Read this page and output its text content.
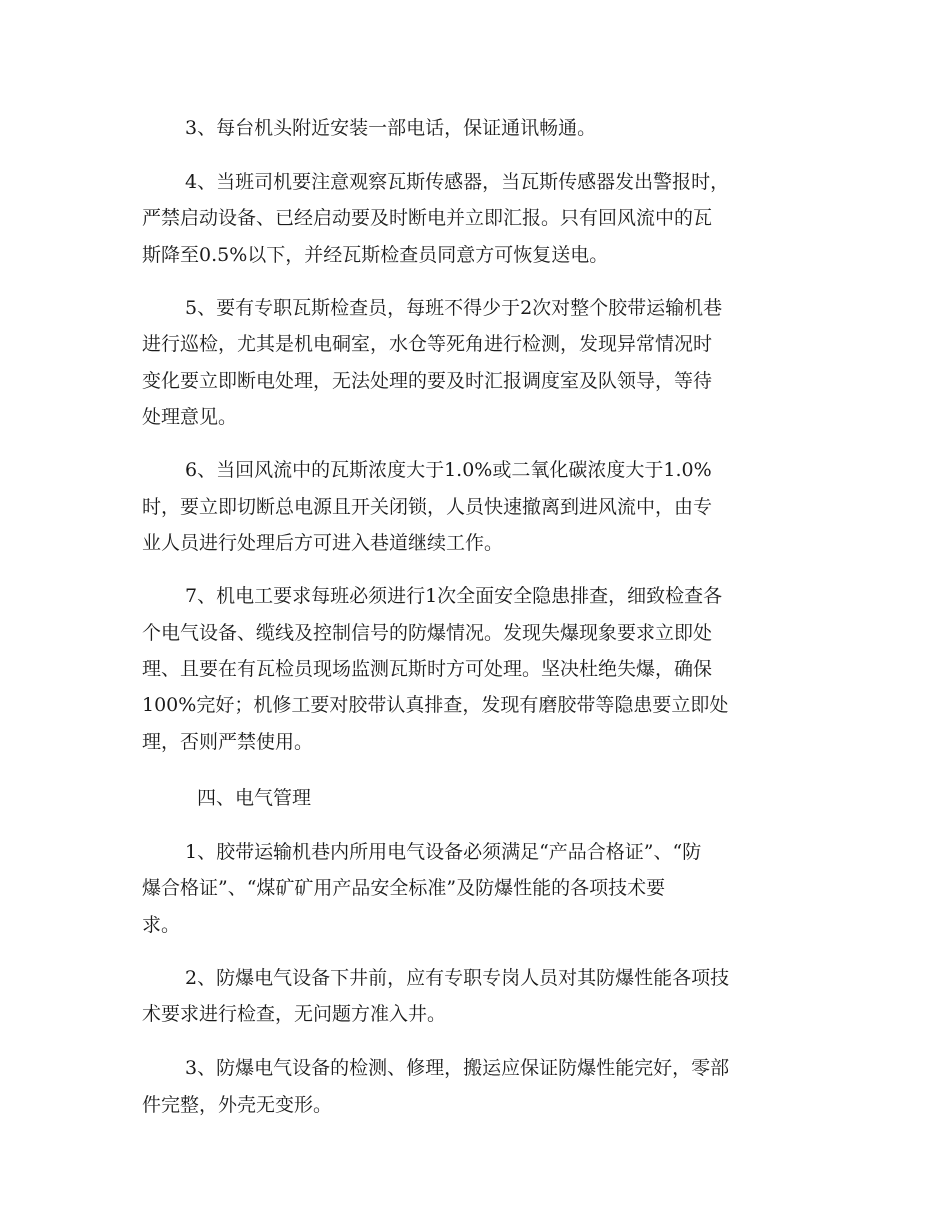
3、每台机头附近安装一部电话，保证通讯畅通。

4、当班司机要注意观察瓦斯传感器，当瓦斯传感器发出警报时，

严禁启动设备、已经启动要及时断电并立即汇报。只有回风流中的瓦

斯降至0.5%以下，并经瓦斯检查员同意方可恢复送电。

5、要有专职瓦斯检查员，每班不得少于2次对整个胶带运输机巷

进行巡检，尤其是机电硐室，水仓等死角进行检测，发现异常情况时

变化要立即断电处理，无法处理的要及时汇报调度室及队领导，等待

处理意见。

6、当回风流中的瓦斯浓度大于1.0%或二氧化碳浓度大于1.0%

时，要立即切断总电源且开关闭锁，人员快速撤离到进风流中，由专

业人员进行处理后方可进入巷道继续工作。

7、机电工要求每班必须进行1次全面安全隐患排查，细致检查各

个电气设备、缆线及控制信号的防爆情况。发现失爆现象要求立即处

理、且要在有瓦检员现场监测瓦斯时方可处理。坚决杜绝失爆，确保

100%完好；机修工要对胶带认真排查，发现有磨胶带等隐患要立即处

理，否则严禁使用。

四、电气管理

1、胶带运输机巷内所用电气设备必须满足“产品合格证”、“防

爆合格证”、“煤矿矿用产品安全标准”及防爆性能的各项技术要

求。

2、防爆电气设备下井前，应有专职专岗人员对其防爆性能各项技

术要求进行检查，无问题方准入井。

3、防爆电气设备的检测、修理，搬运应保证防爆性能完好，零部

件完整，外壳无变形。
